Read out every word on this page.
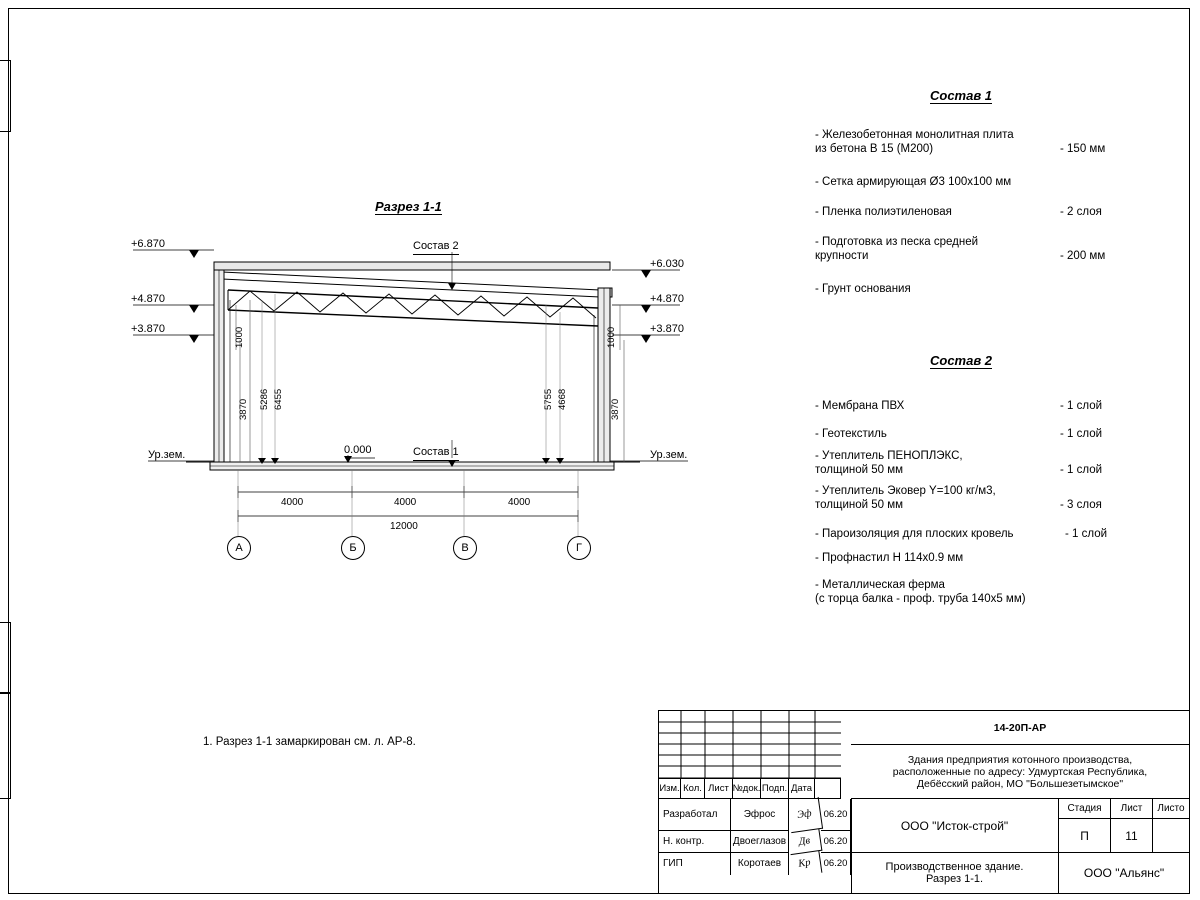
Разрез 1-1
Состав 2
Состав 1
+6.870
+4.870
+3.870
+6.030
+4.870
+3.870
0.000
Ур.зем.	Ур.зем.
1000
3870 5286 6455
1000
3870
5755 4668
4000	4000	4000
12000
А	Б	В	Г
Состав 1
- Железобетонная монолитная плита
из бетона В 15 (М200)	- 150 мм
- Сетка армирующая Ø3 100х100 мм
- Пленка полиэтиленовая	- 2 слоя
- Подготовка из песка средней
крупности	- 200 мм
- Грунт основания
Состав 2
- Мембрана ПВХ	- 1 слой
- Геотекстиль	- 1 слой
- Утеплитель ПЕНОПЛЭКС,
толщиной 50 мм	- 1 слой
- Утеплитель Эковер Y=100 кг/м3,
толщиной 50 мм	- 3 слоя
- Пароизоляция для плоских кровель	- 1 слой
- Профнастил Н 114х0.9 мм
- Металлическая ферма
(с торца балка - проф. труба 140х5 мм)
1. Разрез 1-1 замаркирован см. л. АР-8.
Изм. Кол. Лист №док. Подп. Дата
Разработал	Эфрос	Эф	06.20
Н. контр.	Двоеглазов	Дв	06.20
ГИП	Коротаев	Кр	06.20
14-20П-АР
Здания предприятия котонного производства,
расположенные по адресу: Удмуртская Республика,
Дебёсский район, МО "Большезетымское"
ООО "Исток-строй"
Стадия	Лист	Листо
П	11
Производственное здание.
Разрез 1-1.	ООО "Альянс"
